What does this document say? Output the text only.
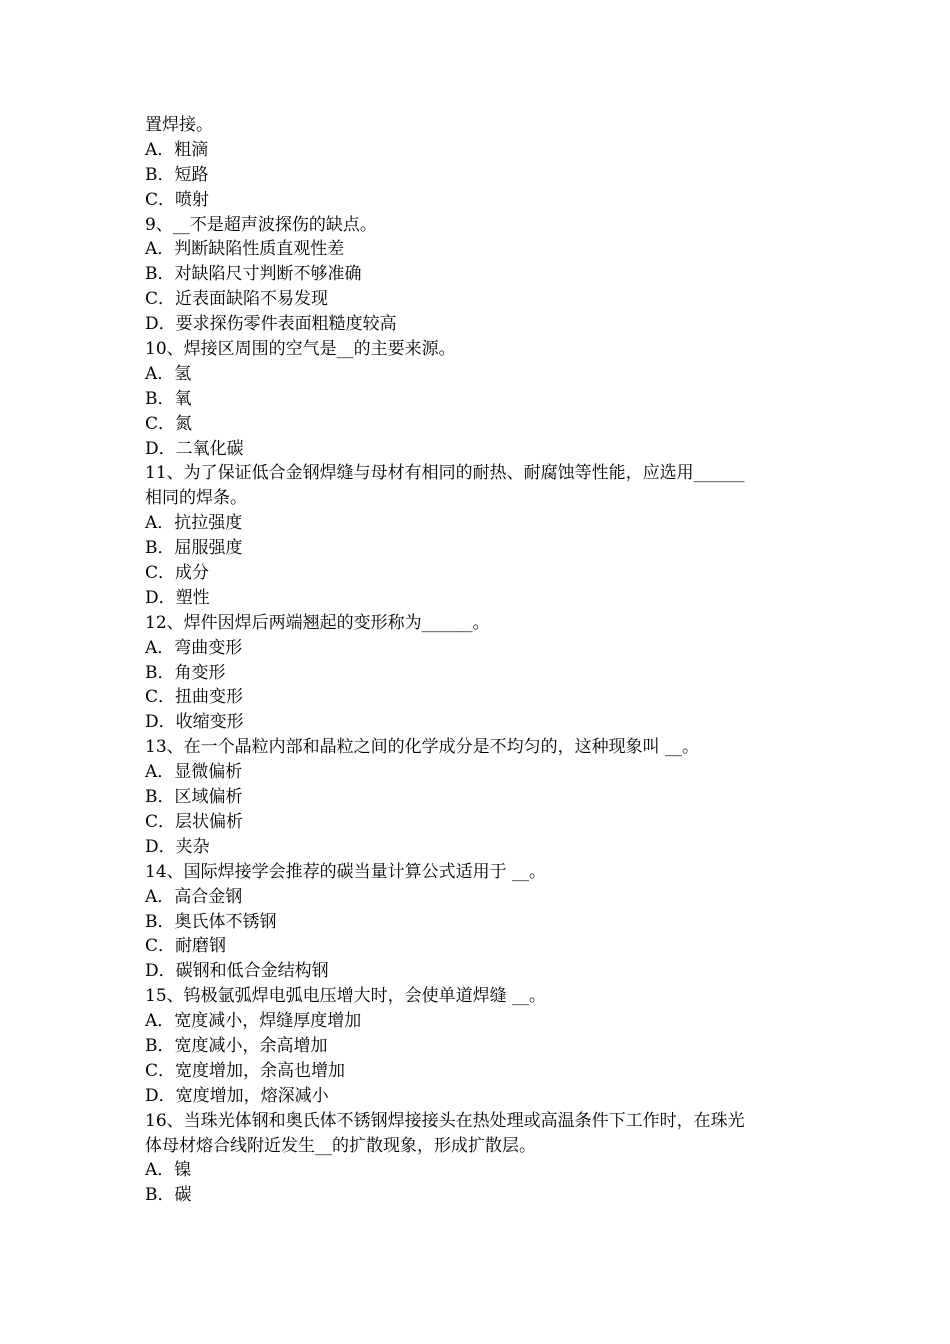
置焊接。
A．粗滴
B．短路
C．喷射
9、__不是超声波探伤的缺点。
A．判断缺陷性质直观性差
B．对缺陷尺寸判断不够准确
C．近表面缺陷不易发现
D．要求探伤零件表面粗糙度较高
10、焊接区周围的空气是__的主要来源。
A．氢
B．氧
C．氮
D．二氧化碳
11、为了保证低合金钢焊缝与母材有相同的耐热、耐腐蚀等性能，应选用______
相同的焊条。
A．抗拉强度
B．屈服强度
C．成分
D．塑性
12、焊件因焊后两端翘起的变形称为______。
A．弯曲变形
B．角变形
C．扭曲变形
D．收缩变形
13、在一个晶粒内部和晶粒之间的化学成分是不均匀的，这种现象叫 __。
A．显微偏析
B．区域偏析
C．层状偏析
D．夹杂
14、国际焊接学会推荐的碳当量计算公式适用于 __。
A．高合金钢
B．奥氏体不锈钢
C．耐磨钢
D．碳钢和低合金结构钢
15、钨极氩弧焊电弧电压增大时，会使单道焊缝 __。
A．宽度减小，焊缝厚度增加
B．宽度减小，余高增加
C．宽度增加，余高也增加
D．宽度增加，熔深减小
16、当珠光体钢和奥氏体不锈钢焊接接头在热处理或高温条件下工作时，在珠光
体母材熔合线附近发生__的扩散现象，形成扩散层。
A．镍
B．碳
